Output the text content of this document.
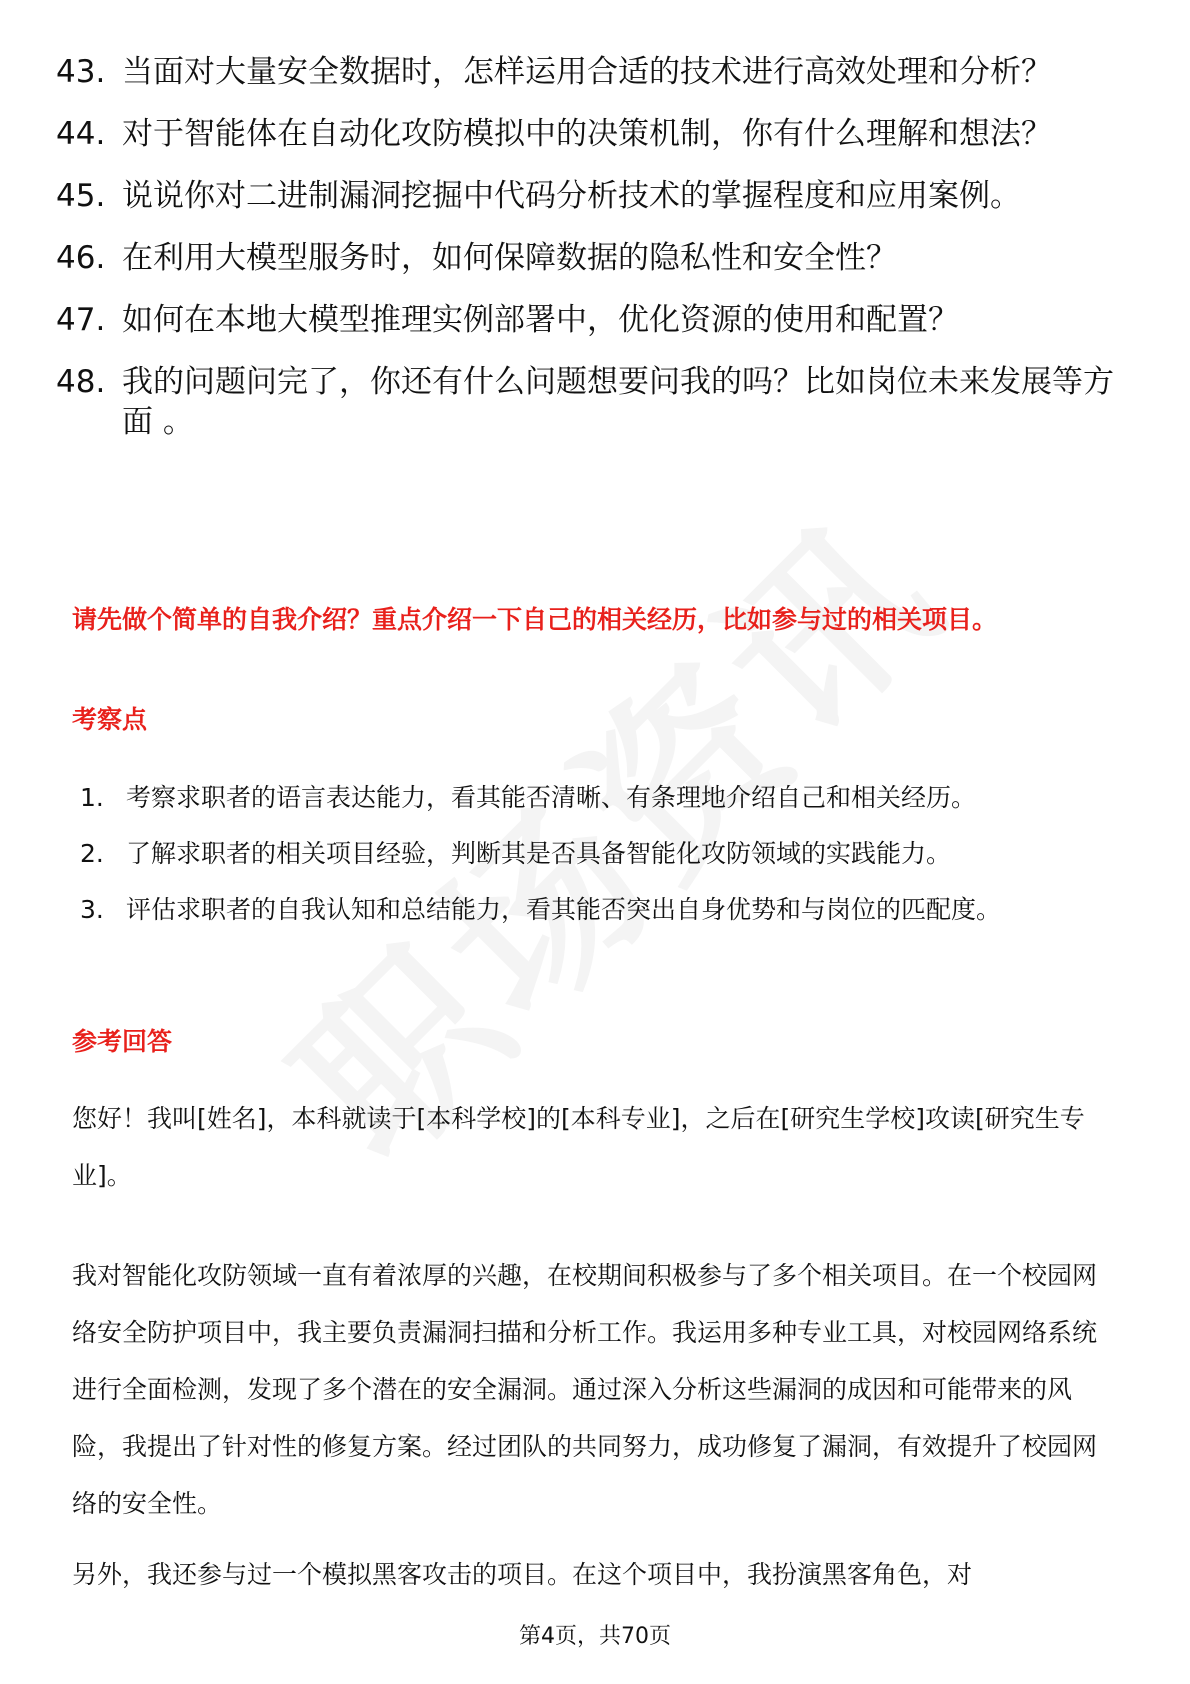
43. 当面对大量安全数据时，怎样运用合适的技术进行高效处理和分析？
44. 对于智能体在自动化攻防模拟中的决策机制，你有什么理解和想法？
45. 说说你对二进制漏洞挖掘中代码分析技术的掌握程度和应用案例。
46. 在利用大模型服务时，如何保障数据的隐私性和安全性？
47. 如何在本地大模型推理实例部署中，优化资源的使用和配置？
48. 我的问题问完了，你还有什么问题想要问我的吗？比如岗位未来发展等方面 。

请先做个简单的自我介绍？重点介绍一下自己的相关经历，比如参与过的相关项目。

考察点
1. 考察求职者的语言表达能力，看其能否清晰、有条理地介绍自己和相关经历。
2. 了解求职者的相关项目经验，判断其是否具备智能化攻防领域的实践能力。
3. 评估求职者的自我认知和总结能力，看其能否突出自身优势和与岗位的匹配度。
参考回答

您好！我叫[姓名]，本科就读于[本科学校]的[本科专业]，之后在[研究生学校]攻读[研究生专业]。

我对智能化攻防领域一直有着浓厚的兴趣，在校期间积极参与了多个相关项目。在一个校园网络安全防护项目中，我主要负责漏洞扫描和分析工作。我运用多种专业工具，对校园网络系统进行全面检测，发现了多个潜在的安全漏洞。通过深入分析这些漏洞的成因和可能带来的风险，我提出了针对性的修复方案。经过团队的共同努力，成功修复了漏洞，有效提升了校园网络的安全性。

另外，我还参与过一个模拟黑客攻击的项目。在这个项目中，我扮演黑客角色，对

第4页，共70页
